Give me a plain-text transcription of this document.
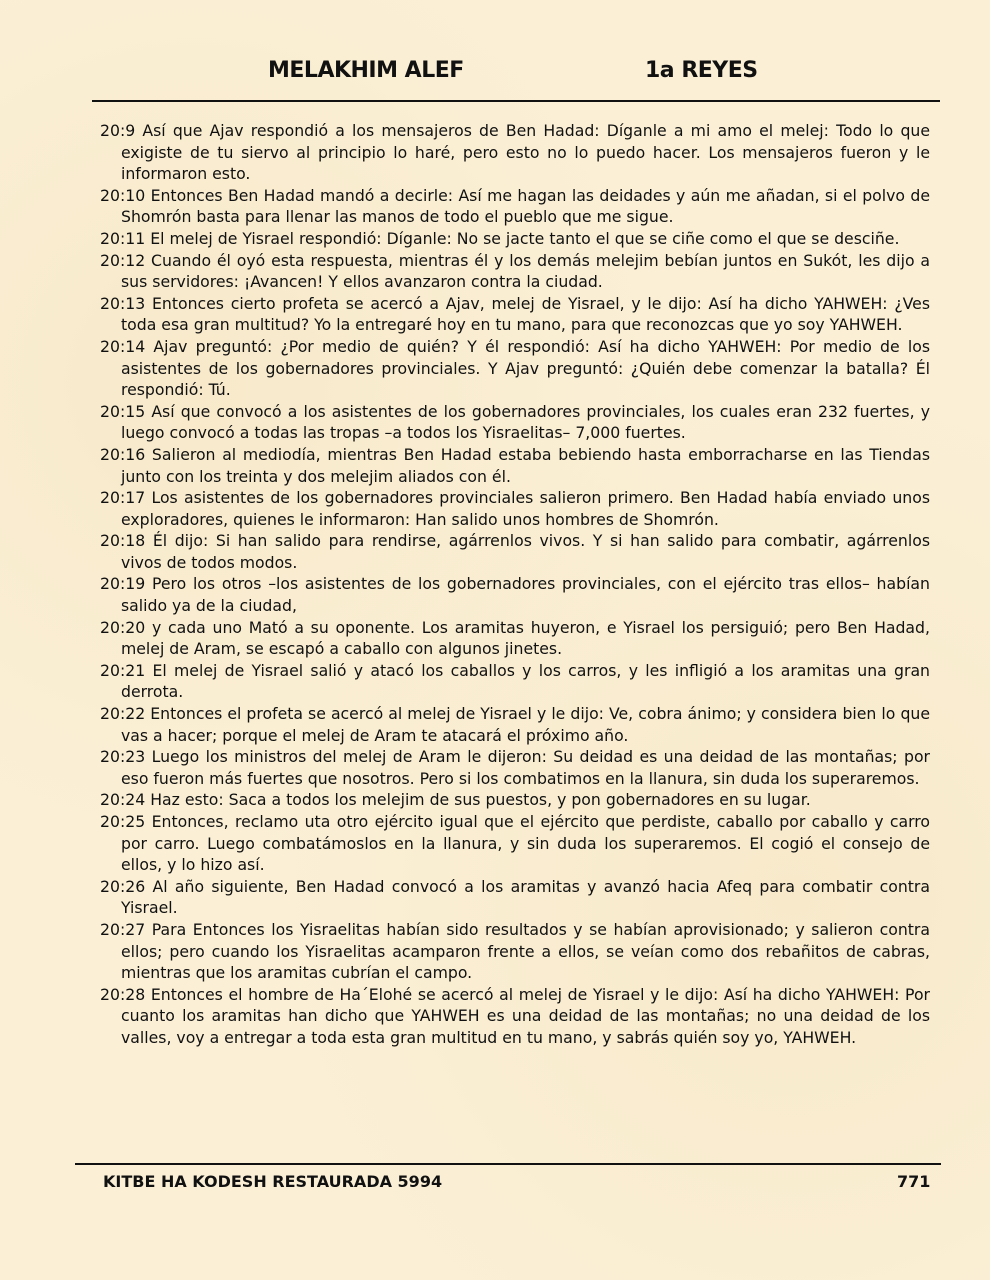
MELAKHIM ALEF	1a REYES

20:9 Así que Ajav respondió a los mensajeros de Ben Hadad: Díganle a mi amo el melej: Todo lo que exigiste de tu siervo al principio lo haré, pero esto no lo puedo hacer. Los mensajeros fueron y le informaron esto.

20:10 Entonces Ben Hadad mandó a decirle: Así me hagan las deidades y aún me añadan, si el polvo de Shomrón basta para llenar las manos de todo el pueblo que me sigue.

20:11 El melej de Yisrael respondió: Díganle: No se jacte tanto el que se ciñe como el que se desciñe.

20:12 Cuando él oyó esta respuesta, mientras él y los demás melejim bebían juntos en Sukót, les dijo a sus servidores: ¡Avancen! Y ellos avanzaron contra la ciudad.

20:13 Entonces cierto profeta se acercó a Ajav, melej de Yisrael, y le dijo: Así ha dicho YAHWEH: ¿Ves toda esa gran multitud? Yo la entregaré hoy en tu mano, para que reconozcas que yo soy YAHWEH.

20:14 Ajav preguntó: ¿Por medio de quién? Y él respondió: Así ha dicho YAHWEH: Por medio de los asistentes de los gobernadores provinciales. Y Ajav preguntó: ¿Quién debe comenzar la batalla? Él respondió: Tú.

20:15 Así que convocó a los asistentes de los gobernadores provinciales, los cuales eran 232 fuertes, y luego convocó a todas las tropas –a todos los Yisraelitas– 7,000 fuertes.

20:16 Salieron al mediodía, mientras Ben Hadad estaba bebiendo hasta emborracharse en las Tiendas junto con los treinta y dos melejim aliados con él.

20:17 Los asistentes de los gobernadores provinciales salieron primero. Ben Hadad había enviado unos exploradores, quienes le informaron: Han salido unos hombres de Shomrón.

20:18 Él dijo: Si han salido para rendirse, agárrenlos vivos. Y si han salido para combatir, agárrenlos vivos de todos modos.

20:19 Pero los otros –los asistentes de los gobernadores provinciales, con el ejército tras ellos– habían salido ya de la ciudad,

20:20 y cada uno Mató a su oponente. Los aramitas huyeron, e Yisrael los persiguió; pero Ben Hadad, melej de Aram, se escapó a caballo con algunos jinetes.

20:21 El melej de Yisrael salió y atacó los caballos y los carros, y les infligió a los aramitas una gran derrota.

20:22 Entonces el profeta se acercó al melej de Yisrael y le dijo: Ve, cobra ánimo; y considera bien lo que vas a hacer; porque el melej de Aram te atacará el próximo año.

20:23 Luego los ministros del melej de Aram le dijeron: Su deidad es una deidad de las montañas; por eso fueron más fuertes que nosotros. Pero si los combatimos en la llanura, sin duda los superaremos.

20:24 Haz esto: Saca a todos los melejim de sus puestos, y pon gobernadores en su lugar.

20:25 Entonces, reclamo uta otro ejército igual que el ejército que perdiste, caballo por caballo y carro por carro. Luego combatámoslos en la llanura, y sin duda los superaremos. El cogió el consejo de ellos, y lo hizo así.

20:26 Al año siguiente, Ben Hadad convocó a los aramitas y avanzó hacia Afeq para combatir contra Yisrael.

20:27 Para Entonces los Yisraelitas habían sido resultados y se habían aprovisionado; y salieron contra ellos; pero cuando los Yisraelitas acamparon frente a ellos, se veían como dos rebañitos de cabras, mientras que los aramitas cubrían el campo.

20:28 Entonces el hombre de Ha´Elohé se acercó al melej de Yisrael y le dijo: Así ha dicho YAHWEH: Por cuanto los aramitas han dicho que YAHWEH es una deidad de las montañas; no una deidad de los valles, voy a entregar a toda esta gran multitud en tu mano, y sabrás quién soy yo, YAHWEH.

KITBE HA KODESH RESTAURADA 5994	771
